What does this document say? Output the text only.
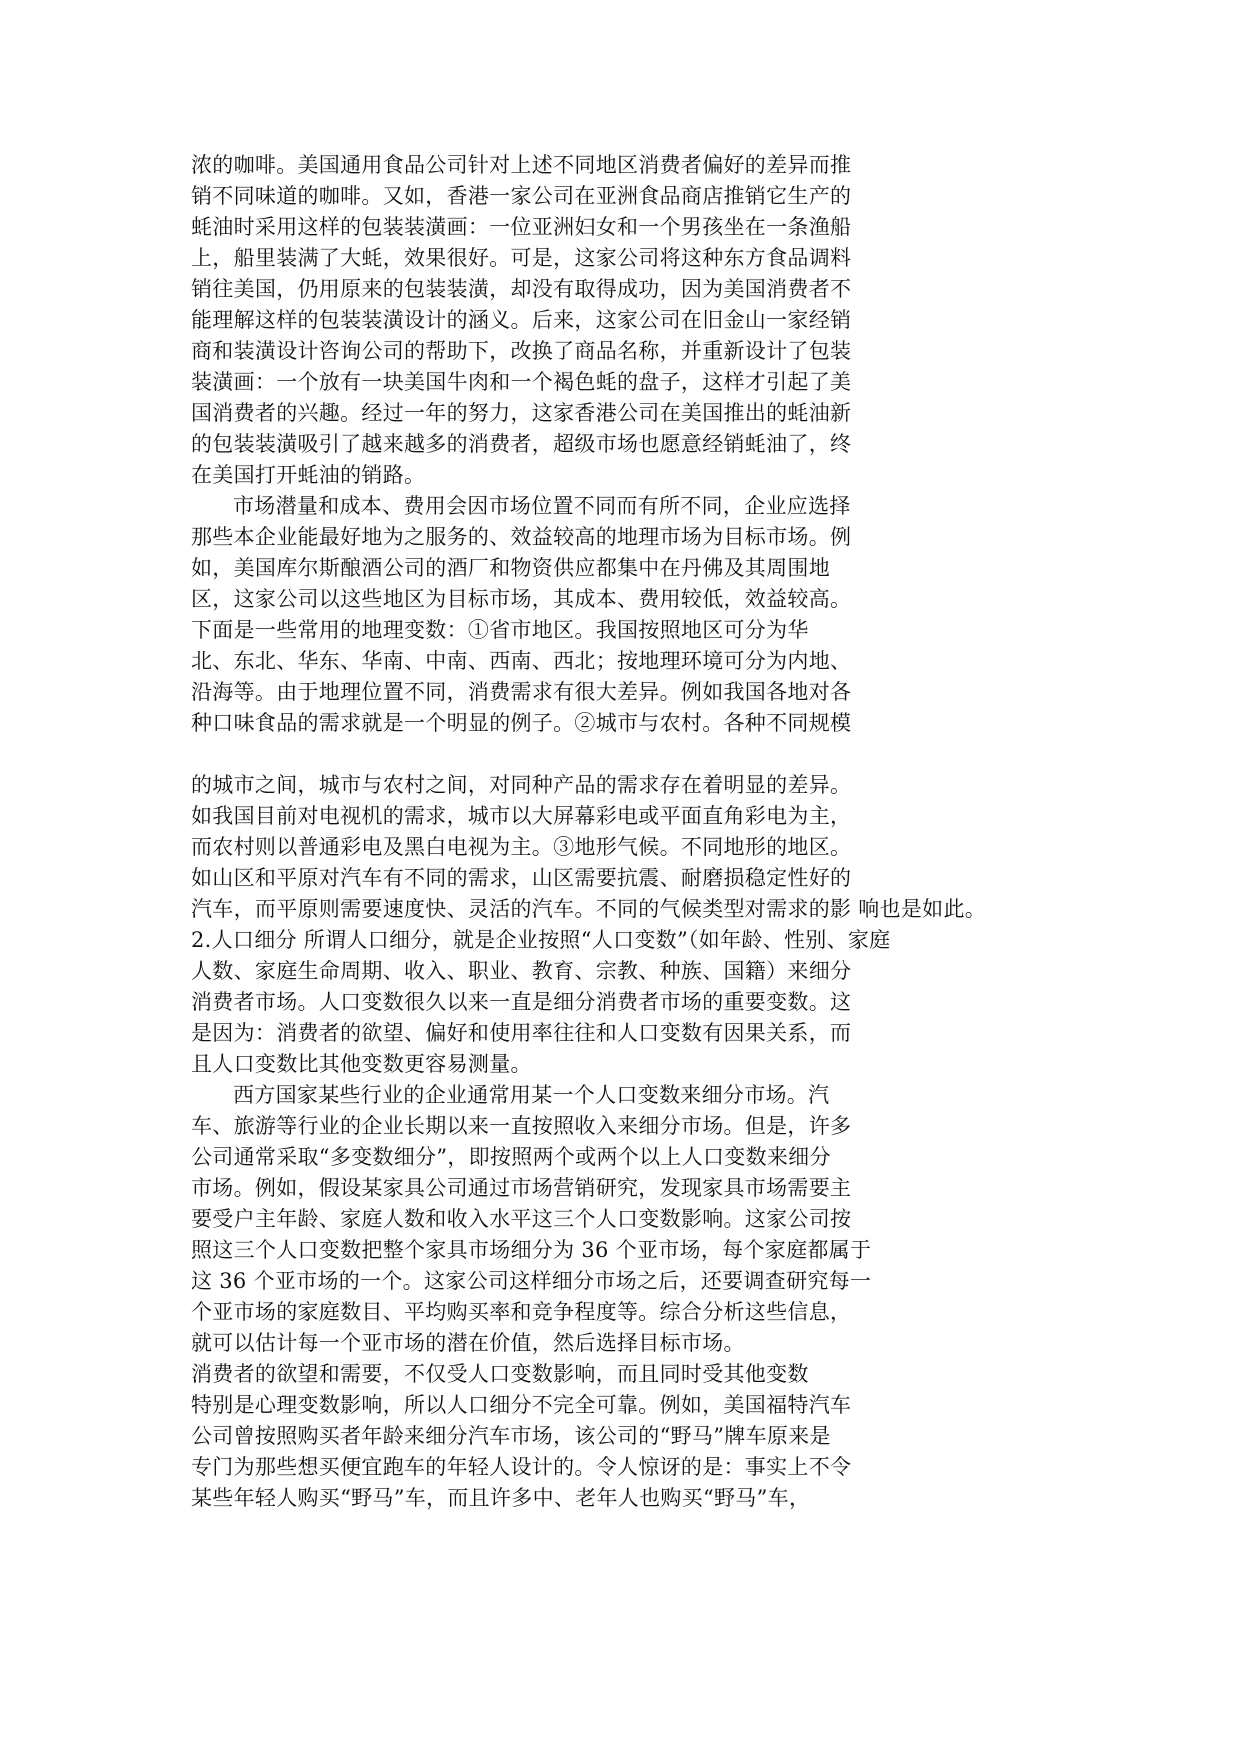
浓的咖啡。美国通用食品公司针对上述不同地区消费者偏好的差异而推
销不同味道的咖啡。又如，香港一家公司在亚洲食品商店推销它生产的
蚝油时采用这样的包装装潢画：一位亚洲妇女和一个男孩坐在一条渔船
上，船里装满了大蚝，效果很好。可是，这家公司将这种东方食品调料
销往美国，仍用原来的包装装潢，却没有取得成功，因为美国消费者不
能理解这样的包装装潢设计的涵义。后来，这家公司在旧金山一家经销
商和装潢设计咨询公司的帮助下，改换了商品名称，并重新设计了包装
装潢画：一个放有一块美国牛肉和一个褐色蚝的盘子，这样才引起了美
国消费者的兴趣。经过一年的努力，这家香港公司在美国推出的蚝油新
的包装装潢吸引了越来越多的消费者，超级市场也愿意经销蚝油了，终
在美国打开蚝油的销路。
市场潜量和成本、费用会因市场位置不同而有所不同，企业应选择
那些本企业能最好地为之服务的、效益较高的地理市场为目标市场。例
如，美国库尔斯酿酒公司的酒厂和物资供应都集中在丹佛及其周围地
区，这家公司以这些地区为目标市场，其成本、费用较低，效益较高。
下面是一些常用的地理变数：①省市地区。我国按照地区可分为华
北、东北、华东、华南、中南、西南、西北；按地理环境可分为内地、
沿海等。由于地理位置不同，消费需求有很大差异。例如我国各地对各
种口味食品的需求就是一个明显的例子。②城市与农村。各种不同规模
的城市之间，城市与农村之间，对同种产品的需求存在着明显的差异。
如我国目前对电视机的需求，城市以大屏幕彩电或平面直角彩电为主，
而农村则以普通彩电及黑白电视为主。③地形气候。不同地形的地区。
如山区和平原对汽车有不同的需求，山区需要抗震、耐磨损稳定性好的
汽车，而平原则需要速度快、灵活的汽车。不同的气候类型对需求的影 响也是如此。
2.人口细分 所谓人口细分，就是企业按照“人口变数”（如年龄、性别、家庭
人数、家庭生命周期、收入、职业、教育、宗教、种族、国籍）来细分
消费者市场。人口变数很久以来一直是细分消费者市场的重要变数。这
是因为：消费者的欲望、偏好和使用率往往和人口变数有因果关系，而
且人口变数比其他变数更容易测量。
西方国家某些行业的企业通常用某一个人口变数来细分市场。汽
车、旅游等行业的企业长期以来一直按照收入来细分市场。但是，许多
公司通常采取“多变数细分”，即按照两个或两个以上人口变数来细分
市场。例如，假设某家具公司通过市场营销研究，发现家具市场需要主
要受户主年龄、家庭人数和收入水平这三个人口变数影响。这家公司按
照这三个人口变数把整个家具市场细分为 36 个亚市场，每个家庭都属于
这 36 个亚市场的一个。这家公司这样细分市场之后，还要调查研究每一
个亚市场的家庭数目、平均购买率和竞争程度等。综合分析这些信息，
就可以估计每一个亚市场的潜在价值，然后选择目标市场。
消费者的欲望和需要，不仅受人口变数影响，而且同时受其他变数
特别是心理变数影响，所以人口细分不完全可靠。例如，美国福特汽车
公司曾按照购买者年龄来细分汽车市场，该公司的“野马”牌车原来是
专门为那些想买便宜跑车的年轻人设计的。令人惊讶的是：事实上不令
某些年轻人购买“野马”车，而且许多中、老年人也购买“野马”车，
